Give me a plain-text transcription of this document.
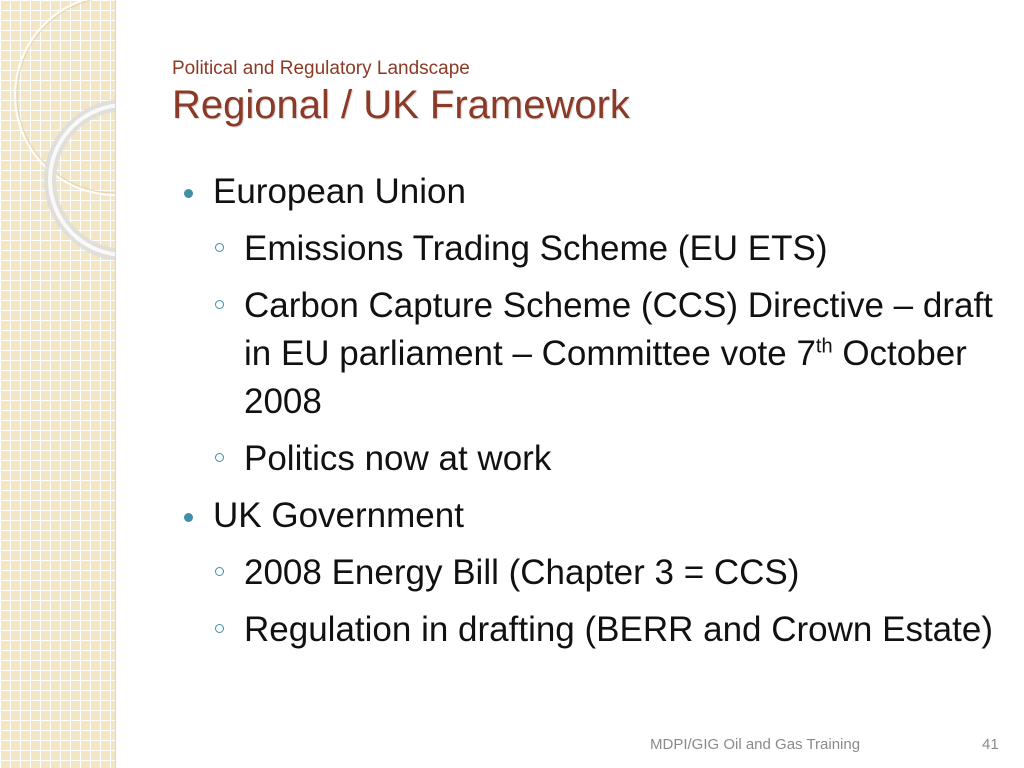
Political and Regulatory Landscape
Regional / UK Framework
European Union
Emissions Trading Scheme (EU ETS)
Carbon Capture Scheme (CCS) Directive – draft in EU parliament – Committee vote 7th October 2008
Politics now at work
UK Government
2008 Energy Bill (Chapter 3 = CCS)
Regulation in drafting (BERR and Crown Estate)
MDPI/GIG Oil and Gas Training	41
